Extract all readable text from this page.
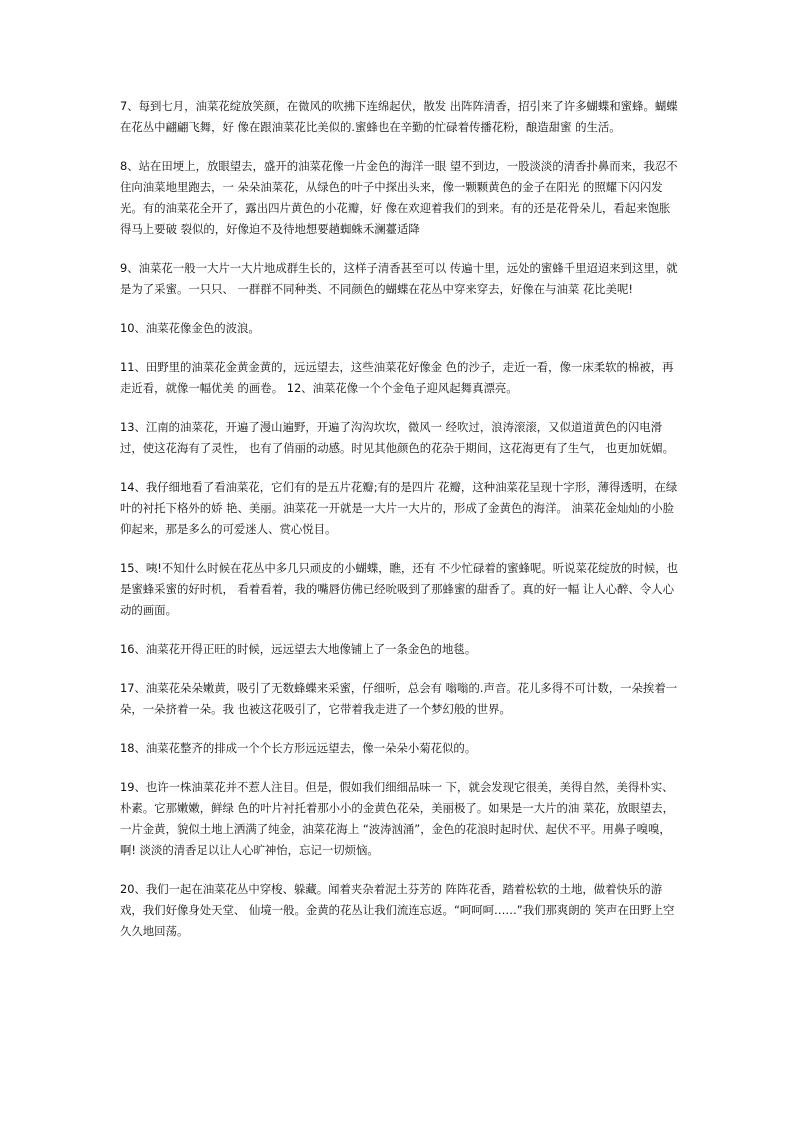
7、每到七月，油菜花绽放笑颜，在微风的吹拂下连绵起伏，散发 出阵阵清香，招引来了许多蝴蝶和蜜蜂。蝴蝶在花丛中翩翩飞舞，好 像在跟油菜花比美似的.蜜蜂也在辛勤的忙碌着传播花粉，酿造甜蜜 的生活。

8、站在田埂上，放眼望去，盛开的油菜花像一片金色的海洋一眼 望不到边，一股淡淡的清香扑鼻而来，我忍不住向油菜地里跑去，一 朵朵油菜花，从绿色的叶子中探出头来，像一颗颗黄色的金子在阳光 的照耀下闪闪发光。有的油菜花全开了，露出四片黄色的小花瓣，好 像在欢迎着我们的到来。有的还是花骨朵儿，看起来饱胀得马上要破 裂似的，好像迫不及待地想要趟蜘蛛禾澜薹适降

9、油菜花一般一大片一大片地成群生长的，这样子清香甚至可以 传遍十里，远处的蜜蜂千里迢迢来到这里，就是为了采蜜。一只只、 一群群不同种类、不同颜色的蝴蝶在花丛中穿来穿去，好像在与油菜 花比美呢!

10、油菜花像金色的波浪。

11、田野里的油菜花金黄金黄的，远远望去，这些油菜花好像金 色的沙子，走近一看，像一床柔软的棉被，再走近看，就像一幅优美 的画卷。 12、油菜花像一个个金龟子迎风起舞真漂亮。

13、江南的油菜花，开遍了漫山遍野，开遍了沟沟坎坎，微风一 经吹过，浪涛滚滚，又似道道黄色的闪电滑过，使这花海有了灵性， 也有了俏丽的动感。时见其他颜色的花杂于期间，这花海更有了生气， 也更加妩媚。

14、我仔细地看了看油菜花，它们有的是五片花瓣;有的是四片 花瓣，这种油菜花呈现十字形，薄得透明，在绿叶的衬托下格外的娇 艳、美丽。油菜花一开就是一大片一大片的，形成了金黄色的海洋。 油菜花金灿灿的小脸仰起来，那是多么的可爱迷人、赏心悦目。

15、咦!不知什么时候在花丛中多几只顽皮的小蝴蝶，瞧，还有 不少忙碌着的蜜蜂呢。听说菜花绽放的时候，也是蜜蜂采蜜的好时机， 看着看着，我的嘴唇仿佛已经吮吸到了那蜂蜜的甜香了。真的好一幅 让人心醉、令人心动的画面。

16、油菜花开得正旺的时候，远远望去大地像铺上了一条金色的地毯。

17、油菜花朵朵嫩黄，吸引了无数蜂蝶来采蜜，仔细听，总会有 嗡嗡的.声音。花儿多得不可计数，一朵挨着一朵，一朵挤着一朵。我 也被这花吸引了，它带着我走进了一个梦幻般的世界。

18、油菜花整齐的排成一个个长方形远远望去，像一朵朵小菊花似的。

19、也许一株油菜花并不惹人注目。但是，假如我们细细品味一 下，就会发现它很美，美得自然，美得朴实、朴素。它那嫩嫩，鲜绿 色的叶片衬托着那小小的金黄色花朵，美丽极了。如果是一大片的油 菜花，放眼望去，一片金黄，貌似土地上洒满了纯金，油菜花海上 “波涛汹涌”，金色的花浪时起时伏、起伏不平。用鼻子嗅嗅，啊! 淡淡的清香足以让人心旷神怡，忘记一切烦恼。

20、我们一起在油菜花丛中穿梭、躲藏。闻着夹杂着泥土芬芳的 阵阵花香，踏着松软的土地，做着快乐的游戏，我们好像身处天堂、 仙境一般。金黄的花丛让我们流连忘返。“呵呵呵……”我们那爽朗的 笑声在田野上空久久地回荡。
